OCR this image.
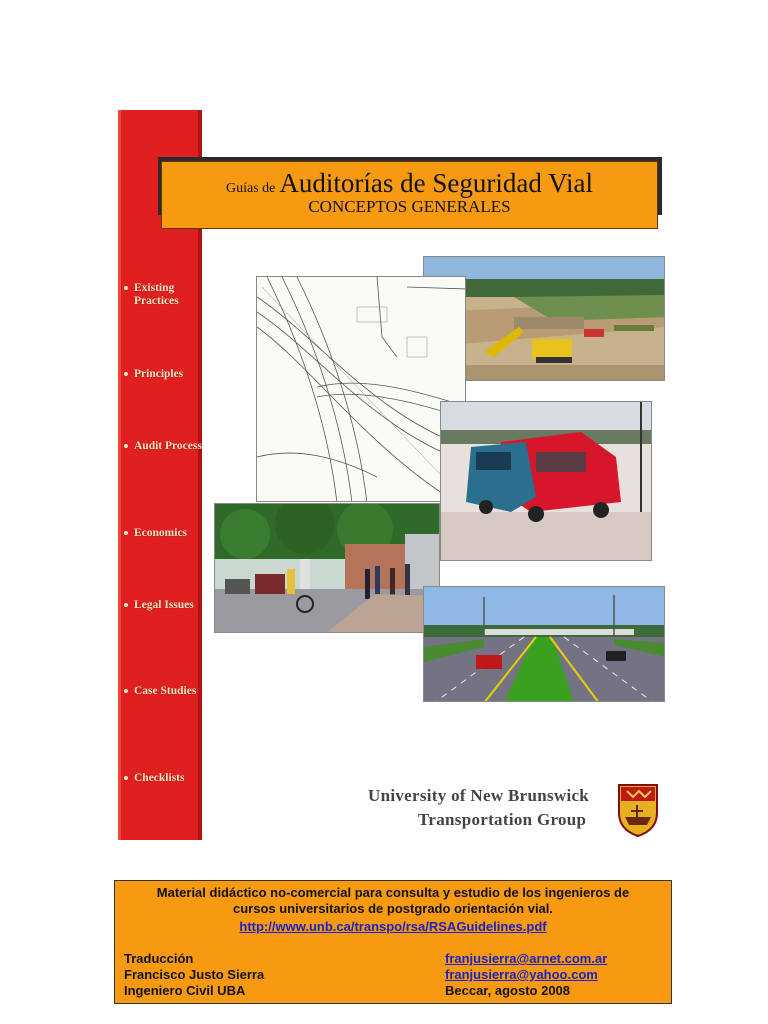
Existing Practices
Principles
Audit Process
Economics
Legal Issues
Case Studies
Checklists
Guías de Auditorías de Seguridad Vial
CONCEPTOS GENERALES
University of New Brunswick
Transportation Group
Material didáctico no-comercial para consulta y estudio de los ingenieros de
cursos universitarios de postgrado orientación vial.
http://www.unb.ca/transpo/rsa/RSAGuidelines.pdf
Traducción
Francisco Justo Sierra
Ingeniero Civil UBA
franjusierra@arnet.com.ar
franjusierra@yahoo.com
Beccar, agosto 2008
